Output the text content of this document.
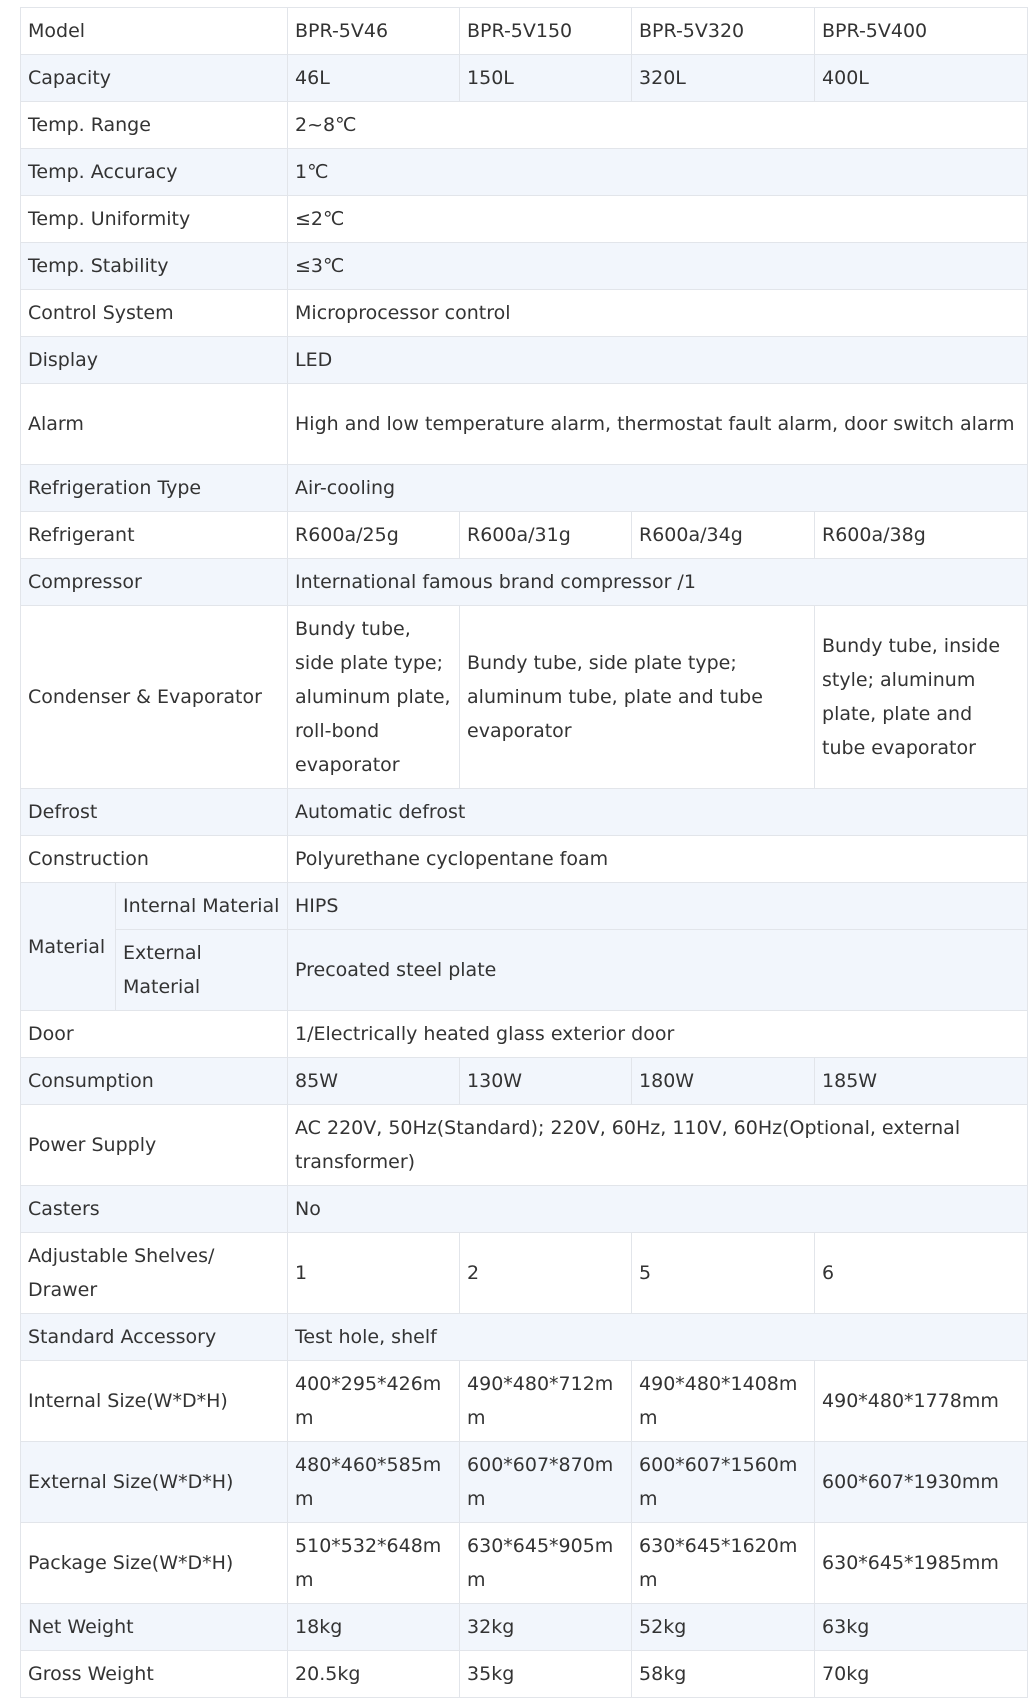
Model		BPR-5V46	BPR-5V150	BPR-5V320	BPR-5V400
Capacity		46L	150L	320L	400L
Temp. Range		2~8℃			
Temp. Accuracy		1℃			
Temp. Uniformity		≤2℃			
Temp. Stability		≤3℃			
Control System		Microprocessor control			
Display		LED			
Alarm		High and low temperature alarm, thermostat fault alarm, door switch alarm			
Refrigeration Type		Air-cooling			
Refrigerant		R600a/25g	R600a/31g	R600a/34g	R600a/38g
Compressor		International famous brand compressor /1			
Condenser & Evaporator		Bundy tube, side plate type; aluminum plate, roll-bond evaporator	Bundy tube, side plate type; aluminum tube, plate and tube evaporator		Bundy tube, inside style; aluminum plate, plate and tube evaporator
Defrost		Automatic defrost			
Construction		Polyurethane cyclopentane foam			
Material	Internal Material	HIPS			
	External Material	Precoated steel plate			
Door		1/Electrically heated glass exterior door			
Consumption		85W	130W	180W	185W
Power Supply		AC 220V, 50Hz(Standard); 220V, 60Hz, 110V, 60Hz(Optional, external transformer)			
Casters		No			
Adjustable Shelves/ Drawer		1	2	5	6
Standard Accessory		Test hole, shelf			
Internal Size(W*D*H)		400*295*426mm	490*480*712mm	490*480*1408mm	490*480*1778mm
External Size(W*D*H)		480*460*585mm	600*607*870mm	600*607*1560mm	600*607*1930mm
Package Size(W*D*H)		510*532*648mm	630*645*905mm	630*645*1620mm	630*645*1985mm
Net Weight		18kg	32kg	52kg	63kg
Gross Weight		20.5kg	35kg	58kg	70kg
